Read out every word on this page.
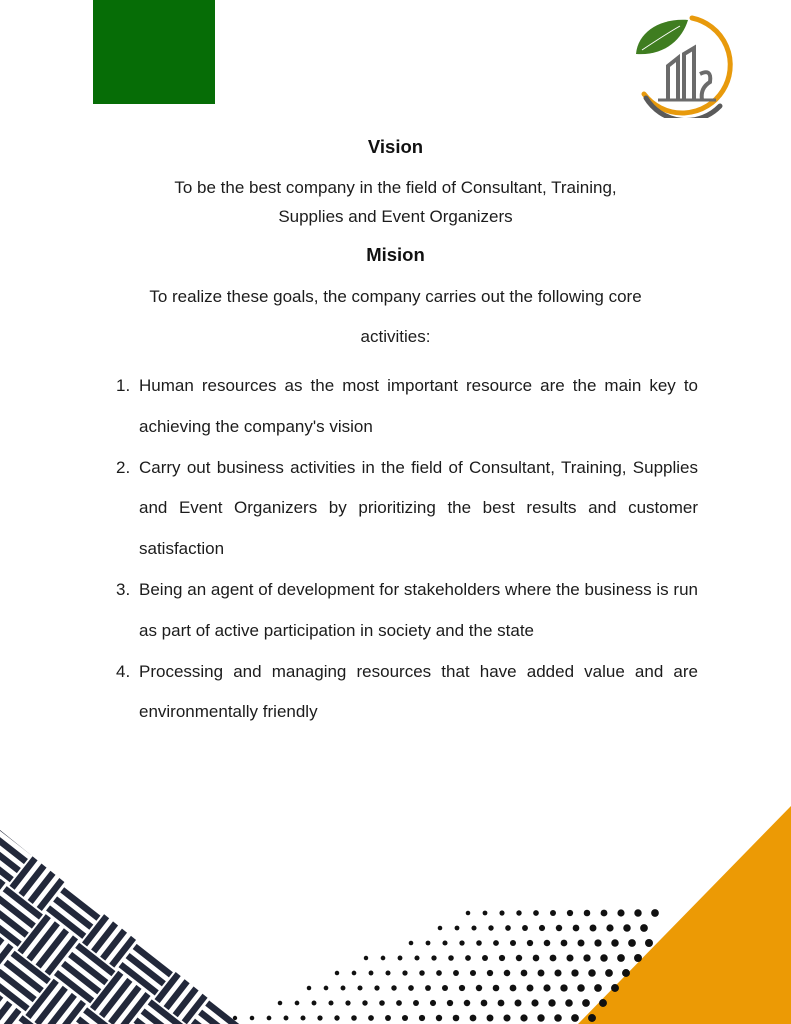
Vision
To be the best company in the field of Consultant, Training,
Supplies and Event Organizers
Mision
To realize these goals, the company carries out the following core
activities:
1. Human resources as the most important resource are the main key to achieving the company's vision
2. Carry out business activities in the field of Consultant, Training, Supplies and Event Organizers by prioritizing the best results and customer satisfaction
3. Being an agent of development for stakeholders where the business is run as part of active participation in society and the state
4. Processing and managing resources that have added value and are environmentally friendly
